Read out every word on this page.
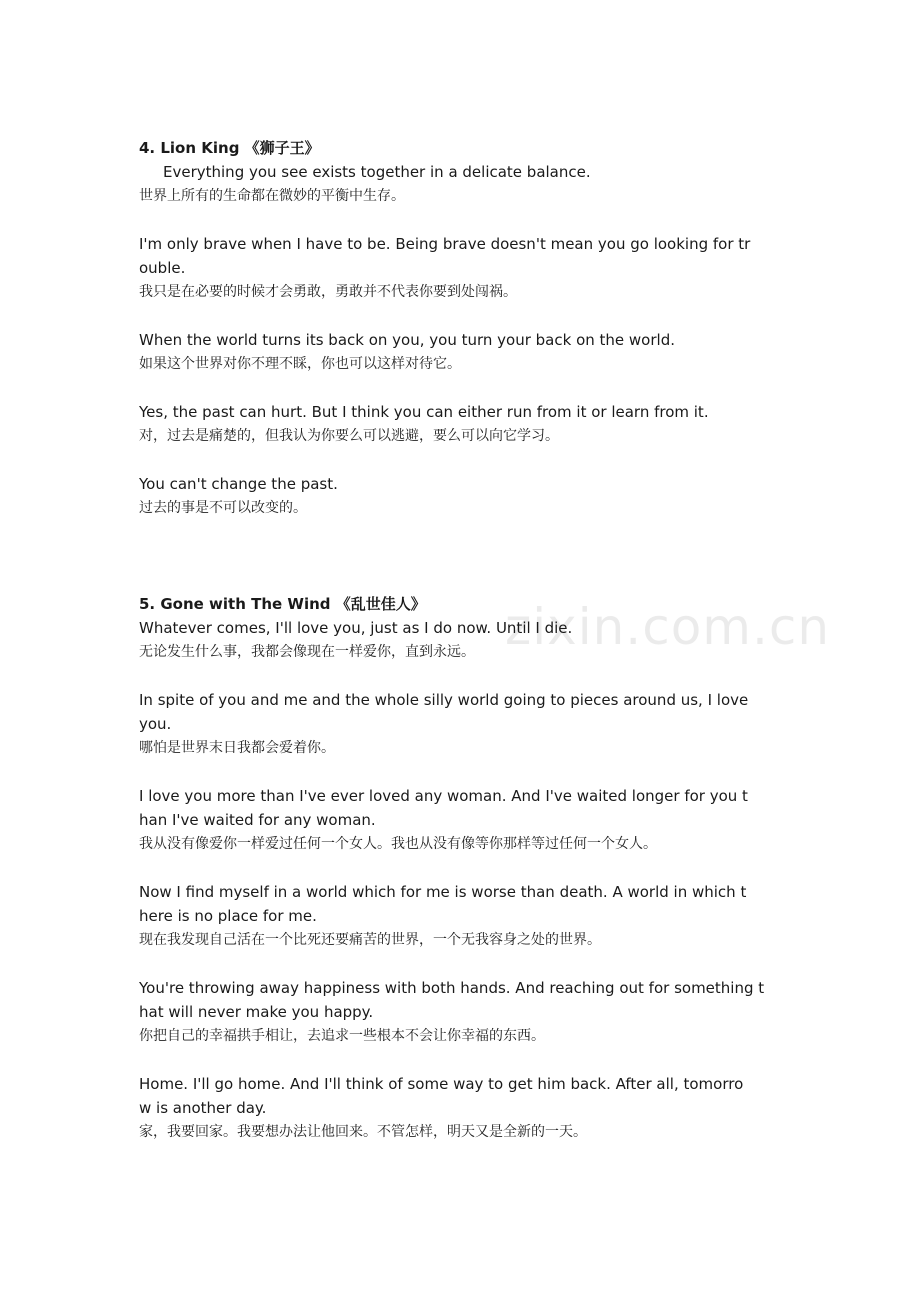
zixin.com.cn
4. Lion King 《狮子王》
Everything you see exists together in a delicate balance.
世界上所有的生命都在微妙的平衡中生存。
I'm only brave when I have to be. Being brave doesn't mean you go looking for tr
ouble.
我只是在必要的时候才会勇敢，勇敢并不代表你要到处闯祸。
When the world turns its back on you, you turn your back on the world.
如果这个世界对你不理不睬，你也可以这样对待它。
Yes, the past can hurt. But I think you can either run from it or learn from it.
对，过去是痛楚的，但我认为你要么可以逃避，要么可以向它学习。
You can't change the past.
过去的事是不可以改变的。
5. Gone with The Wind 《乱世佳人》
Whatever comes, I'll love you, just as I do now. Until I die.
无论发生什么事，我都会像现在一样爱你，直到永远。
In spite of you and me and the whole silly world going to pieces around us, I love
you.
哪怕是世界末日我都会爱着你。
I love you more than I've ever loved any woman. And I've waited longer for you t
han I've waited for any woman.
我从没有像爱你一样爱过任何一个女人。我也从没有像等你那样等过任何一个女人。
Now I find myself in a world which for me is worse than death. A world in which t
here is no place for me.
现在我发现自己活在一个比死还要痛苦的世界，一个无我容身之处的世界。
You're throwing away happiness with both hands. And reaching out for something t
hat will never make you happy.
你把自己的幸福拱手相让，去追求一些根本不会让你幸福的东西。
Home. I'll go home. And I'll think of some way to get him back. After all, tomorro
w is another day.
家，我要回家。我要想办法让他回来。不管怎样，明天又是全新的一天。
